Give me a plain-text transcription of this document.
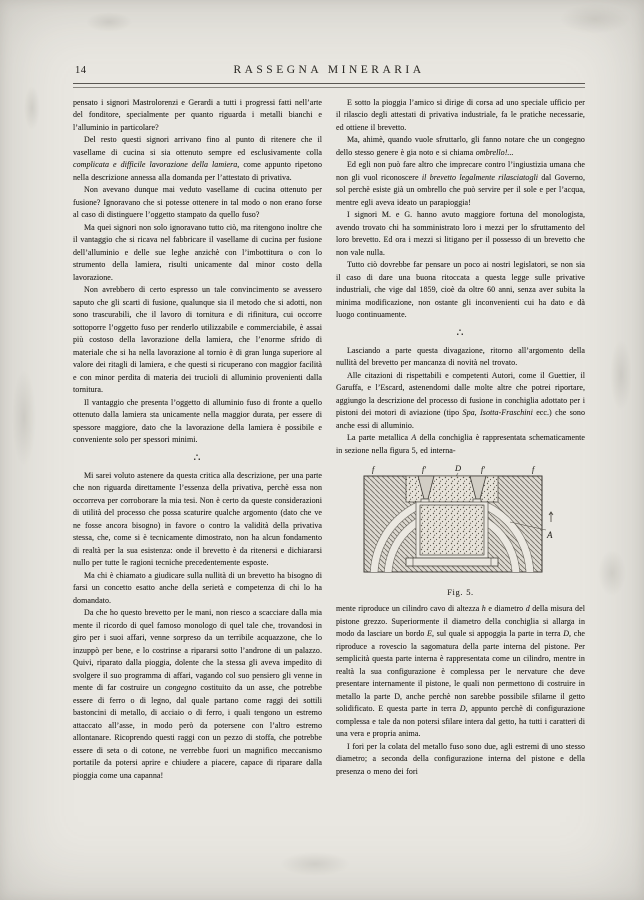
14	RASSEGNA MINERARIA

pensato i signori Mastrolorenzi e Gerardi a tutti i progressi fatti nell’arte del fonditore, specialmente per quanto riguarda i metalli bianchi e l’alluminio in particolare?

Del resto questi signori arrivano fino al punto di ritenere che il vasellame di cucina si sia ottenuto sempre ed esclusivamente colla complicata e difficile lavorazione della lamiera, come appunto ripetono nella descrizione annessa alla domanda per l’attestato di privativa.

Non avevano dunque mai veduto vasellame di cucina ottenuto per fusione? Ignoravano che si potesse ottenere in tal modo o non erano forse al caso di distinguere l’oggetto stampato da quello fuso?

Ma quei signori non solo ignoravano tutto ciò, ma ritengono inoltre che il vantaggio che si ricava nel fabbricare il vasellame di cucina per fusione dell’alluminio e delle sue leghe anzichè con l’imbottitura o con lo strumento della lamiera, risulti unicamente dal minor costo della lavorazione.

Non avrebbero di certo espresso un tale convincimento se avessero saputo che gli scarti di fusione, qualunque sia il metodo che si adotti, non sono trascurabili, che il lavoro di tornitura e di rifinitura, cui occorre sottoporre l’oggetto fuso per renderlo utilizzabile e commerciabile, è assai più costoso della lavorazione della lamiera, che l’enorme sfrido di materiale che si ha nella lavorazione al tornio è di gran lunga superiore al valore dei ritagli di lamiera, e che questi si ricuperano con maggior facilità e con minor perdita di materia dei trucioli di alluminio provenienti dalla tornitura.

Il vantaggio che presenta l’oggetto di alluminio fuso di fronte a quello ottenuto dalla lamiera sta unicamente nella maggior durata, per essere di spessore maggiore, dato che la lavorazione della lamiera è possibile e conveniente solo per spessori minimi.

∴

Mi sarei voluto astenere da questa critica alla descrizione, per una parte che non riguarda direttamente l’essenza della privativa, perchè essa non occorreva per corroborare la mia tesi. Non è certo da queste considerazioni di utilità del processo che possa scaturire qualche argomento (dato che ve ne fosse ancora bisogno) in favore o contro la validità della privativa stessa, che, come si è tecnicamente dimostrato, non ha alcun fondamento di realtà per la sua esistenza: onde il brevetto è da ritenersi e dichiararsi nullo per tutte le ragioni tecniche precedentemente esposte.

Ma chi è chiamato a giudicare sulla nullità di un brevetto ha bisogno di farsi un concetto esatto anche della serietà e competenza di chi lo ha domandato.

Da che ho questo brevetto per le mani, non riesco a scacciare dalla mia mente il ricordo di quel famoso monologo di quel tale che, trovandosi in giro per i suoi affari, venne sorpreso da un terribile acquazzone, che lo inzuppò per bene, e lo costrinse a ripararsi sotto l’androne di un palazzo. Quivi, riparato dalla pioggia, dolente che la stessa gli aveva impedito di svolgere il suo programma di affari, vagando col suo pensiero gli venne in mente di far costruire un congegno costituito da un asse, che potrebbe essere di ferro o di legno, dal quale partano come raggi dei sottili bastoncini di metallo, di acciaio o di ferro, i quali tengono un estremo attaccato all’asse, in modo però da potersene con l’altro estremo allontanare. Ricoprendo questi raggi con un pezzo di stoffa, che potrebbe essere di seta o di cotone, ne verrebbe fuori un magnifico meccanismo portatile da potersi aprire e chiudere a piacere, capace di riparare dalla pioggia come una capanna!

E sotto la pioggia l’amico si dirige di corsa ad uno speciale ufficio per il rilascio degli attestati di privativa industriale, fa le pratiche necessarie, ed ottiene il brevetto.

Ma, ahimè, quando vuole sfruttarlo, gli fanno notare che un congegno dello stesso genere è gia noto e si chiama ombrello!...

Ed egli non può fare altro che imprecare contro l’ingiustizia umana che non gli vuol riconoscere il brevetto legalmente rilasciatogli dal Governo, sol perchè esiste già un ombrello che può servire per il sole e per l’acqua, mentre egli aveva ideato un parapioggia!

I signori M. e G. hanno avuto maggiore fortuna del monologista, avendo trovato chi ha somministrato loro i mezzi per lo sfruttamento del loro brevetto. Ed ora i mezzi si litigano per il possesso di un brevetto che non vale nulla.

Tutto ciò dovrebbe far pensare un poco ai nostri legislatori, se non sia il caso di dare una buona ritoccata a questa legge sulle privative industriali, che vige dal 1859, cioè da oltre 60 anni, senza aver subita la minima modificazione, non ostante gli inconvenienti cui ha dato e dà luogo continuamente.

∴

Lasciando a parte questa divagazione, ritorno all’argomento della nullità del brevetto per mancanza di novità nel trovato.

Alle citazioni di rispettabili e competenti Autori, come il Guettier, il Garuffa, e l’Escard, astenendomi dalle molte altre che potrei riportare, aggiungo la descrizione del processo di fusione in conchiglia adottato per i pistoni dei motori di aviazione (tipo Spa, Isotta-Fraschini ecc.) che sono anche essi di alluminio.

La parte metallica A della conchiglia è rappresentata schematicamente in sezione nella figura 5, ed interna-

f	f'	D f'	f
A
Fig. 5.

mente riproduce un cilindro cavo di altezza h e diametro d della misura del pistone grezzo. Superiormente il diametro della conchiglia si allarga in modo da lasciare un bordo E, sul quale si appoggia la parte in terra D, che riproduce a rovescio la sagomatura della parte interna del pistone. Per semplicità questa parte interna è rappresentata come un cilindro, mentre in realtà la sua configurazione è complessa per le nervature che deve presentare internamente il pistone, le quali non permettono di costruire in metallo la parte D, anche perchè non sarebbe possibile sfilarne il getto solidificato. E questa parte in terra D, appunto perchè di configurazione complessa e tale da non potersi sfilare intera dal getto, ha tutti i caratteri di una vera e propria anima.

I fori per la colata del metallo fuso sono due, agli estremi di uno stesso diametro; a seconda della configurazione interna del pistone e della presenza o meno dei fori
